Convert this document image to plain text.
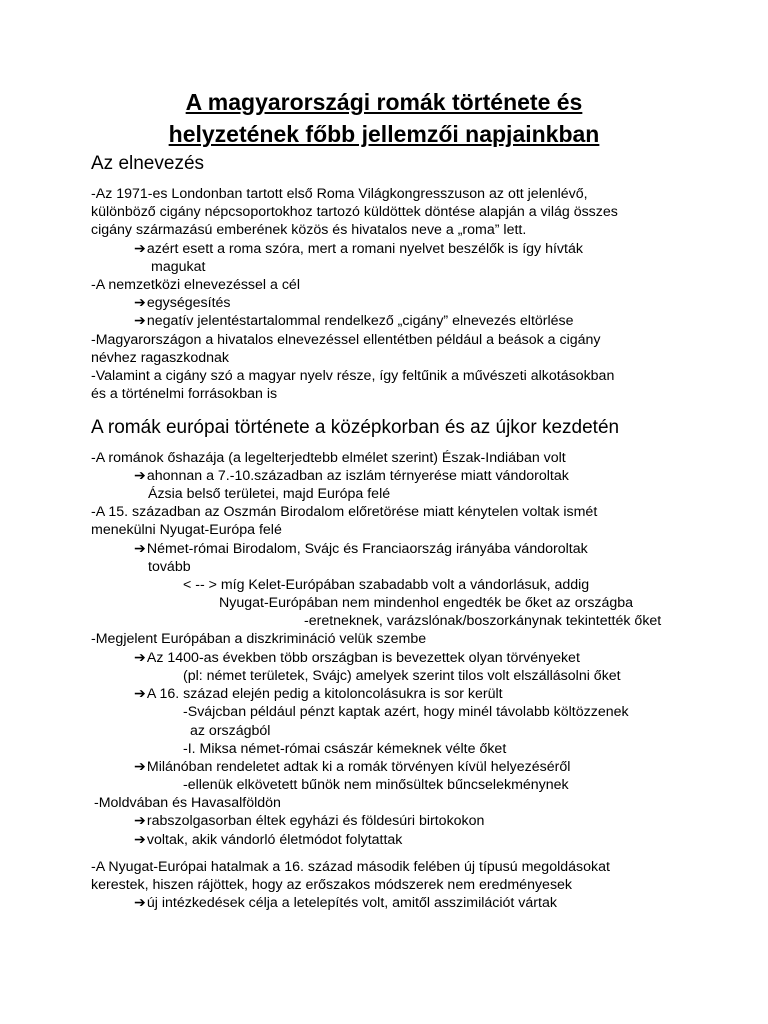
A magyarországi romák története és
helyzetének főbb jellemzői napjainkban
Az elnevezés

-Az 1971-es Londonban tartott első Roma Világkongresszuson az ott jelenlévő,

különböző cigány népcsoportokhoz tartozó küldöttek döntése alapján a világ összes

cigány származású emberének közös és hivatalos neve a „roma” lett.

➔azért esett a roma szóra, mert a romani nyelvet beszélők is így hívták

magukat

-A nemzetközi elnevezéssel a cél

➔egységesítés

➔negatív jelentéstartalommal rendelkező „cigány” elnevezés eltörlése

-Magyarországon a hivatalos elnevezéssel ellentétben például a beások a cigány

névhez ragaszkodnak

-Valamint a cigány szó a magyar nyelv része, így feltűnik a művészeti alkotásokban

és a történelmi forrásokban is

A romák európai története a középkorban és az újkor kezdetén

-A románok őshazája (a legelterjedtebb elmélet szerint) Észak-Indiában volt

➔ahonnan a 7.-10.században az iszlám térnyerése miatt vándoroltak

Ázsia belső területei, majd Európa felé

-A 15. században az Oszmán Birodalom előretörése miatt kénytelen voltak ismét

menekülni Nyugat-Európa felé

➔Német-római Birodalom, Svájc és Franciaország irányába vándoroltak

tovább

< -- > míg Kelet-Európában szabadabb volt a vándorlásuk, addig

Nyugat-Európában nem mindenhol engedték be őket az országba

-eretneknek, varázslónak/boszorkánynak tekintették őket

-Megjelent Európában a diszkrimináció velük szembe

➔Az 1400-as években több országban is bevezettek olyan törvényeket

(pl: német területek, Svájc) amelyek szerint tilos volt elszállásolni őket

➔A 16. század elején pedig a kitoloncolásukra is sor került

-Svájcban például pénzt kaptak azért, hogy minél távolabb költözzenek

az országból

-I. Miksa német-római császár kémeknek vélte őket

➔Milánóban rendeletet adtak ki a romák törvényen kívül helyezéséről

-ellenük elkövetett bűnök nem minősültek bűncselekménynek

-Moldvában és Havasalföldön

➔rabszolgasorban éltek egyházi és földesúri birtokokon

➔voltak, akik vándorló életmódot folytattak

-A Nyugat-Európai hatalmak a 16. század második felében új típusú megoldásokat

kerestek, hiszen rájöttek, hogy az erőszakos módszerek nem eredményesek

➔új intézkedések célja a letelepítés volt, amitől asszimilációt vártak
